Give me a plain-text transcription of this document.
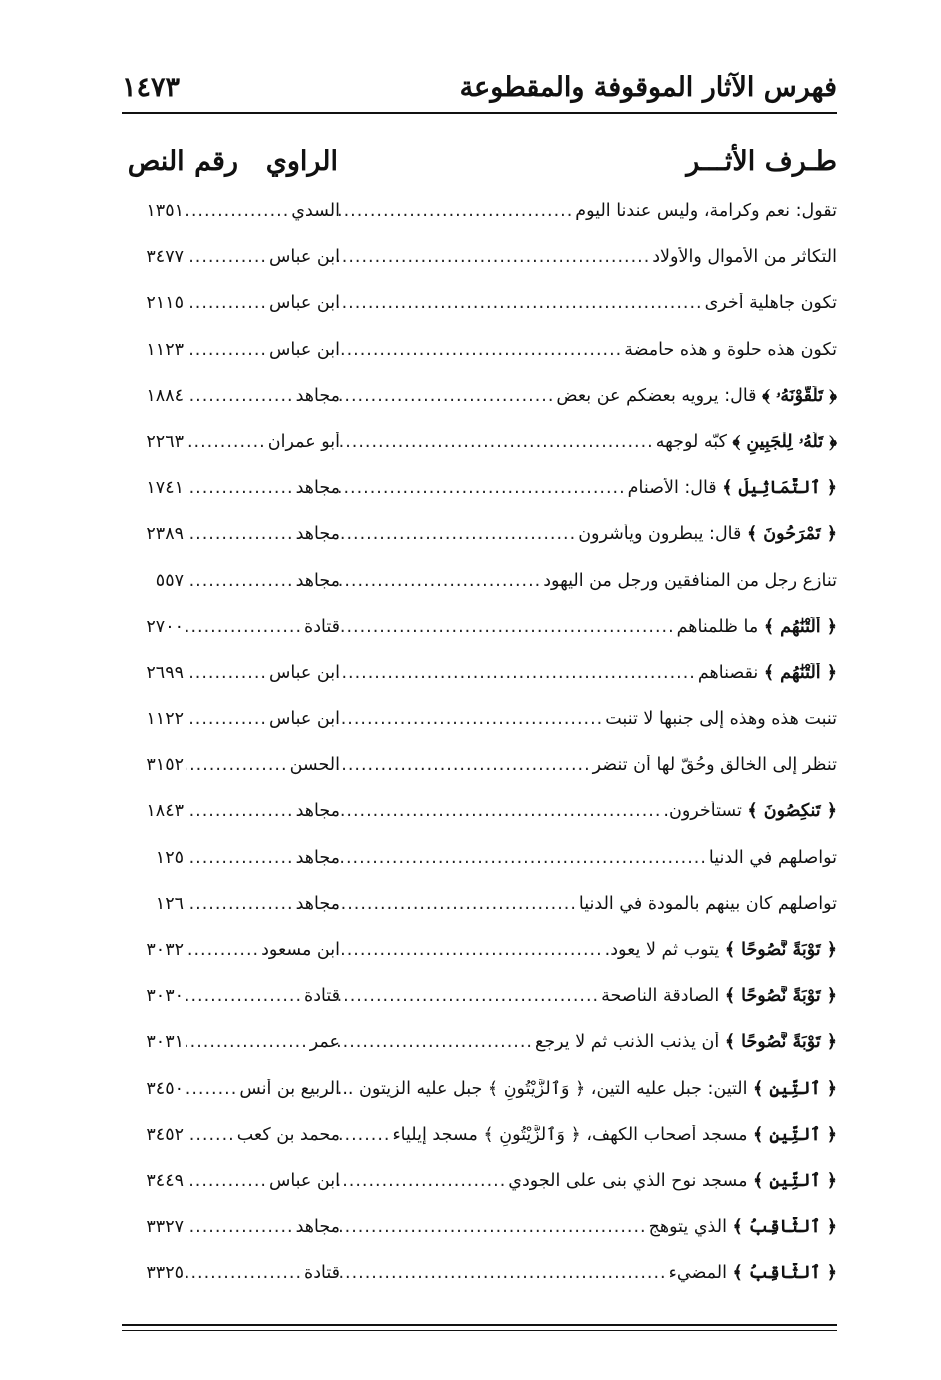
فهرس الآثار الموقوفة والمقطوعة
١٤٧٣
طـرف الأثـــر
الراوي
رقم النص
تقول: نعم وكرامة، وليس عندنا اليوم
.....
السدي
.....
١٣٥١
التكاثر من الأموال والأولاد
.....
ابن عباس
.....
٣٤٧٧
تكون جاهلية أخرى
.....
ابن عباس
.....
٢١١٥
تكون هذه حلوة و هذه حامضة
.....
ابن عباس
.....
١١٢٣
﴿ تَلَقَّوْنَهُۥ ﴾

قال: يرويه بعضكم عن بعض
.....
مجاهد
.....
١٨٨٤
﴿ تَلَّهُۥ لِلْجَبِينِ ﴾

كبّه لوجهه
.....
أبو عمران
.....
٢٢٦٣
﴿ ٱلتَّمَاثِيلُ ﴾

قال: الأصنام
.....
مجاهد
.....
١٧٤١
﴿ تَمْرَحُونَ ﴾

قال: يبطرون ويأشرون
.....
مجاهد
.....
٢٣٨٩
تنازع رجل من المنافقين ورجل من اليهود
.....
مجاهد
.....
٥٥٧
﴿ أَلَتْنَٰهُم ﴾

ما ظلمناهم
.....
قتادة
.....
٢٧٠٠
﴿ أَلَتْنَٰهُم ﴾

نقصناهم
.....
ابن عباس
.....
٢٦٩٩
تنبت هذه وهذه إلى جنبها لا تنبت
.....
ابن عباس
.....
١١٢٢
تنظر إلى الخالق وحُقّ لها أن تنضر
.....
الحسن
.....
٣١٥٢
﴿ تَنكِصُونَ ﴾

تستأخرون.
.....
مجاهد
.....
١٨٤٣
تواصلهم في الدنيا
.....
مجاهد
.....
١٢٥
تواصلهم كان بينهم بالمودة في الدنيا
.....
مجاهد
.....
١٢٦
﴿ تَوْبَةً نَّصُوحًا ﴾

يتوب ثم لا يعود.
.....
ابن مسعود
.....
٣٠٣٢
﴿ تَوْبَةً نَّصُوحًا ﴾

الصادقة الناصحة
.....
قتادة
.....
٣٠٣٠
﴿ تَوْبَةً نَّصُوحًا ﴾

أن يذنب الذنب ثم لا يرجع
.....
عمر
.....
٣٠٣١
﴿ ٱلتِّينِ ﴾

التين: جبل عليه التين، ﴿ وَٱلزَّيْتُونِ ﴾ جبل عليه الزيتون ...
الربيع بن أنس
.....
٣٤٥٠
﴿ ٱلتِّينِ ﴾

مسجد أصحاب الكهف، ﴿ وَٱلزَّيْتُونِ ﴾ مسجد إيلياء
.....
محمد بن كعب
.....
٣٤٥٢
﴿ ٱلتِّينِ ﴾

مسجد نوح الذي بنى على الجودي
.....
ابن عباس
.....
٣٤٤٩
﴿ ٱلثَّاقِبُ ﴾

الذي يتوهج
.....
مجاهد
.....
٣٣٢٧
﴿ ٱلثَّاقِبُ ﴾

المضيء
.....
قتادة
.....
٣٣٢٥
